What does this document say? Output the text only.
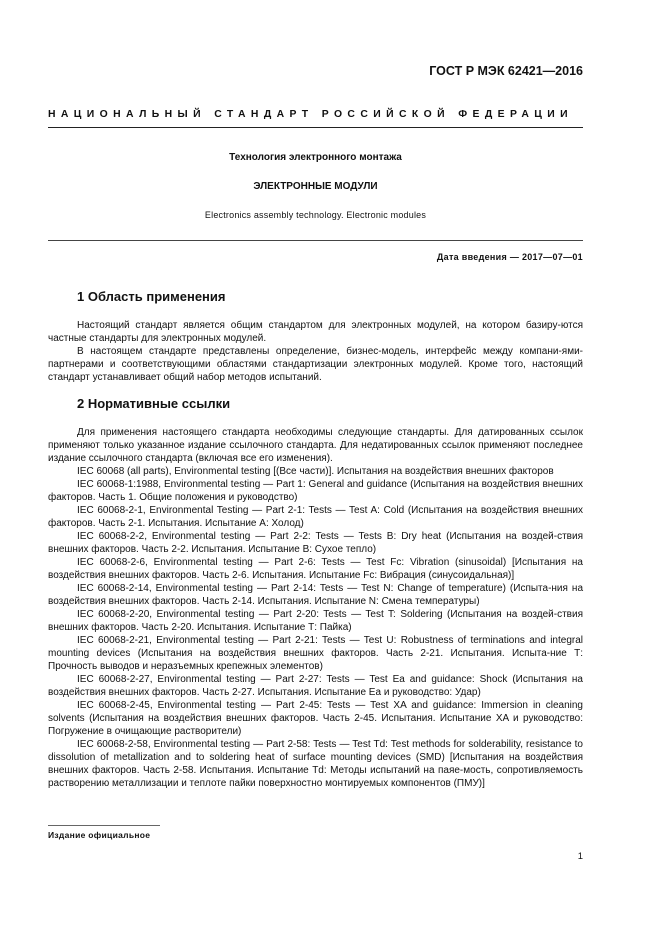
ГОСТ Р МЭК 62421—2016
НАЦИОНАЛЬНЫЙ СТАНДАРТ РОССИЙСКОЙ ФЕДЕРАЦИИ
Технология электронного монтажа
ЭЛЕКТРОННЫЕ МОДУЛИ
Electronics assembly technology. Electronic modules
Дата введения — 2017—07—01
1 Область применения

Настоящий стандарт является общим стандартом для электронных модулей, на котором базиру-ются частные стандарты для электронных модулей.

В настоящем стандарте представлены определение, бизнес-модель, интерфейс между компани-ями-партнерами и соответствующими областями стандартизации электронных модулей. Кроме того, настоящий стандарт устанавливает общий набор методов испытаний.

2 Нормативные ссылки

Для применения настоящего стандарта необходимы следующие стандарты. Для датированных ссылок применяют только указанное издание ссылочного стандарта. Для недатированных ссылок применяют последнее издание ссылочного стандарта (включая все его изменения).

IEC 60068 (all parts), Environmental testing [(Все части)]. Испытания на воздействия внешних факторов

IEC 60068-1:1988, Environmental testing — Part 1: General and guidance (Испытания на воздействия внешних факторов. Часть 1. Общие положения и руководство)

IEC 60068-2-1, Environmental Testing — Part 2-1: Tests — Test A: Cold (Испытания на воздействия внешних факторов. Часть 2-1. Испытания. Испытание А: Холод)

IEC 60068-2-2, Environmental testing — Part 2-2: Tests — Tests B: Dry heat (Испытания на воздей-ствия внешних факторов. Часть 2-2. Испытания. Испытание В: Сухое тепло)

IEC 60068-2-6, Environmental testing — Part 2-6: Tests — Test Fc: Vibration (sinusoidal) [Испытания на воздействия внешних факторов. Часть 2-6. Испытания. Испытание Fc: Вибрация (синусоидальная)]

IEC 60068-2-14, Environmental testing — Part 2-14: Tests — Test N: Change of temperature) (Испыта-ния на воздействия внешних факторов. Часть 2-14. Испытания. Испытание N: Смена температуры)

IEC 60068-2-20, Environmental testing — Part 2-20: Tests — Test T: Soldering (Испытания на воздей-ствия внешних факторов. Часть 2-20. Испытания. Испытание Т: Пайка)

IEC 60068-2-21, Environmental testing — Part 2-21: Tests — Test U: Robustness of terminations and integral mounting devices (Испытания на воздействия внешних факторов. Часть 2-21. Испытания. Испыта-ние Т: Прочность выводов и неразъемных крепежных элементов)

IEC 60068-2-27, Environmental testing — Part 2-27: Tests — Test Ea and guidance: Shock (Испытания на воздействия внешних факторов. Часть 2-27. Испытания. Испытание Еа и руководство: Удар)

IEC 60068-2-45, Environmental testing — Part 2-45: Tests — Test XA and guidance: Immersion in cleaning solvents (Испытания на воздействия внешних факторов. Часть 2-45. Испытания. Испытание XA и руководство: Погружение в очищающие растворители)

IEC 60068-2-58, Environmental testing — Part 2-58: Tests — Test Td: Test methods for solderability, resistance to dissolution of metallization and to soldering heat of surface mounting devices (SMD) [Испытания на воздействия внешних факторов. Часть 2-58. Испытания. Испытание Td: Методы испытаний на паяе-мость, сопротивляемость растворению металлизации и теплоте пайки поверхностно монтируемых компонентов (ПМУ)]

Издание официальное
1
